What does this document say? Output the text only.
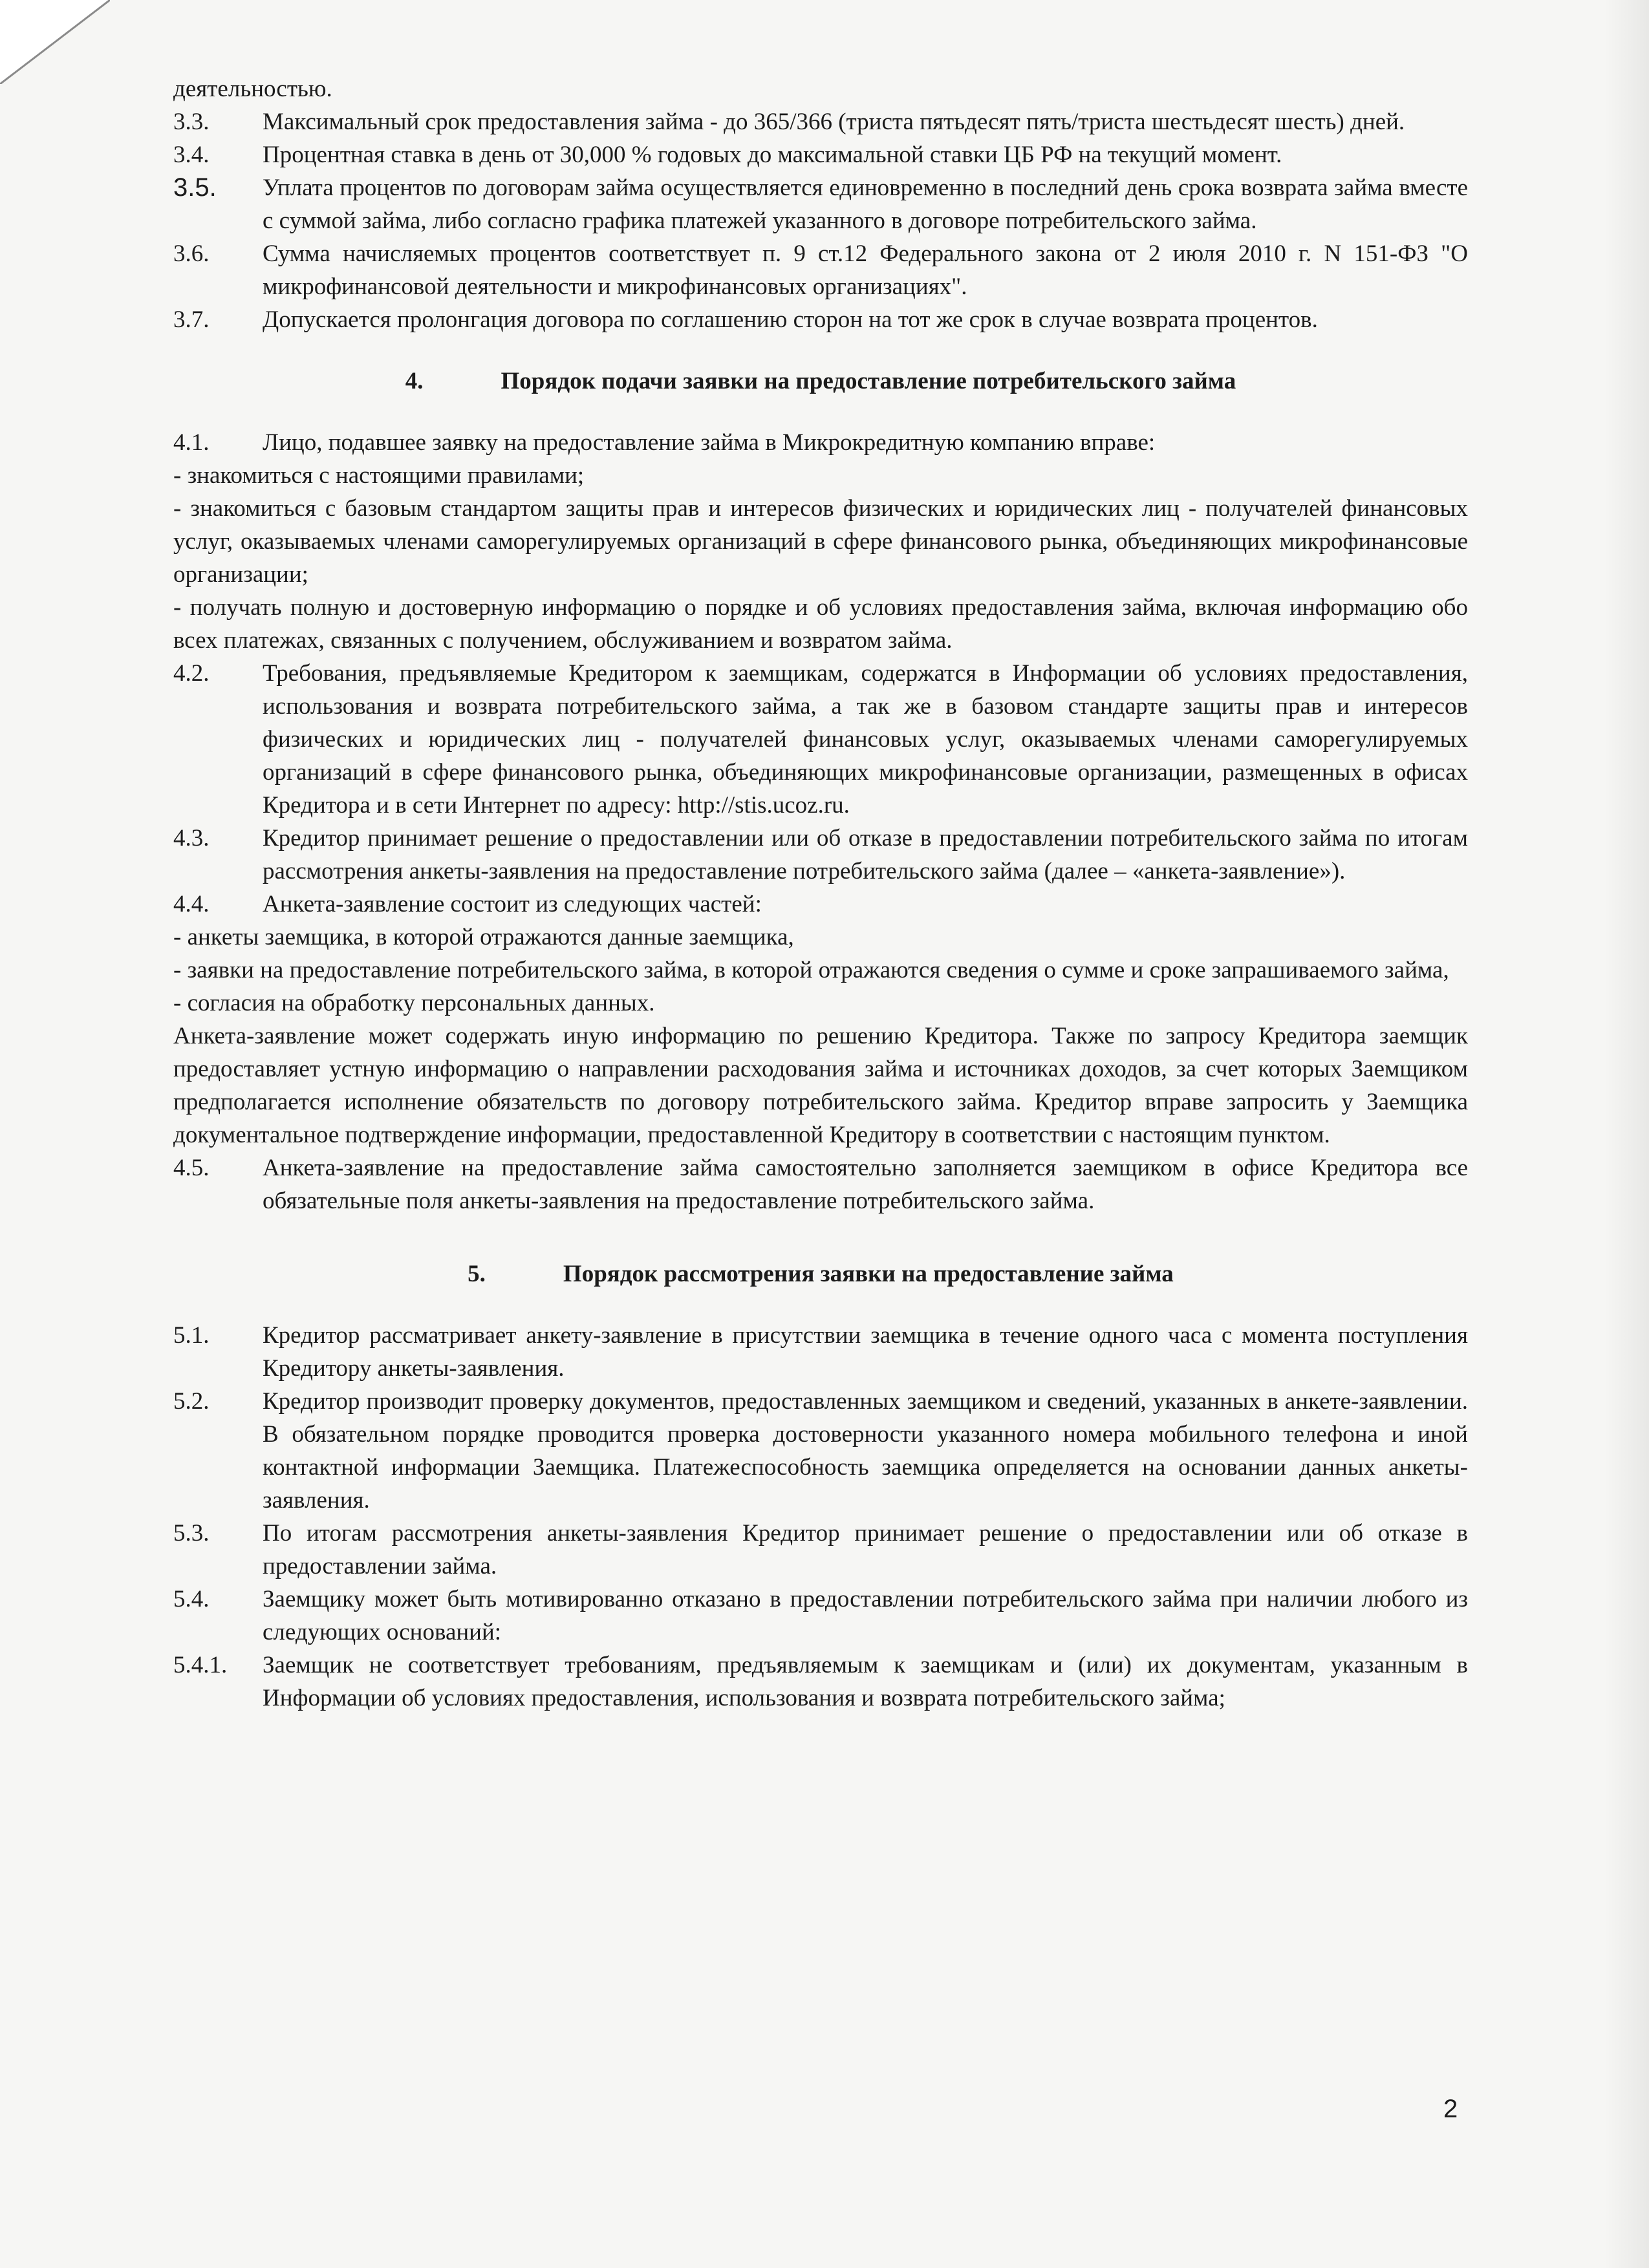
деятельностью.

3.3.	Максимальный срок предоставления займа - до 365/366 (триста пятьдесят пять/триста шестьдесят шесть) дней.
3.4.	Процентная ставка в день от 30,000 % годовых до максимальной ставки ЦБ РФ на текущий момент.
3.5.	Уплата процентов по договорам займа осуществляется единовременно в последний день срока возврата займа вместе с суммой займа, либо согласно графика платежей указанного в договоре потребительского займа.
3.6.	Сумма начисляемых процентов соответствует п. 9 ст.12 Федерального закона от 2 июля 2010 г. N 151-ФЗ "О микрофинансовой деятельности и микрофинансовых организациях".
3.7.	Допускается пролонгация договора по соглашению сторон на тот же срок в случае возврата процентов.
4.	Порядок подачи заявки на предоставление потребительского займа
4.1.	Лицо, подавшее заявку на предоставление займа в Микрокредитную компанию вправе:

- знакомиться с настоящими правилами;

- знакомиться с базовым стандартом защиты прав и интересов физических и юридических лиц - получателей финансовых услуг, оказываемых членами саморегулируемых организаций в сфере финансового рынка, объединяющих микрофинансовые организации;

- получать полную и достоверную информацию о порядке и об условиях предоставления займа, включая информацию обо всех платежах, связанных с получением, обслуживанием и возвратом займа.

4.2.	Требования, предъявляемые Кредитором к заемщикам, содержатся в Информации об условиях предоставления, использования и возврата потребительского займа, а так же в базовом стандарте защиты прав и интересов физических и юридических лиц - получателей финансовых услуг, оказываемых членами саморегулируемых организаций в сфере финансового рынка, объединяющих микрофинансовые организации, размещенных в офисах Кредитора и в сети Интернет по адресу: http://stis.ucoz.ru.
4.3.	Кредитор принимает решение о предоставлении или об отказе в предоставлении потребительского займа по итогам рассмотрения анкеты-заявления на предоставление потребительского займа (далее – «анкета-заявление»).
4.4.	Анкета-заявление состоит из следующих частей:

- анкеты заемщика, в которой отражаются данные заемщика,

- заявки на предоставление потребительского займа, в которой отражаются сведения о сумме и сроке запрашиваемого займа,

- согласия на обработку персональных данных.

Анкета-заявление может содержать иную информацию по решению Кредитора. Также по запросу Кредитора заемщик предоставляет устную информацию о направлении расходования займа и источниках доходов, за счет которых Заемщиком предполагается исполнение обязательств по договору потребительского займа. Кредитор вправе запросить у Заемщика документальное подтверждение информации, предоставленной Кредитору в соответствии с настоящим пунктом.

4.5.	Анкета-заявление на предоставление займа самостоятельно заполняется заемщиком в офисе Кредитора все обязательные поля анкеты-заявления на предоставление потребительского займа.
5.	Порядок рассмотрения заявки на предоставление займа
5.1.	Кредитор рассматривает анкету-заявление в присутствии заемщика в течение одного часа с момента поступления Кредитору анкеты-заявления.
5.2.	Кредитор производит проверку документов, предоставленных заемщиком и сведений, указанных в анкете-заявлении. В обязательном порядке проводится проверка достоверности указанного номера мобильного телефона и иной контактной информации Заемщика. Платежеспособность заемщика определяется на основании данных анкеты-заявления.
5.3.	По итогам рассмотрения анкеты-заявления Кредитор принимает решение о предоставлении или об отказе в предоставлении займа.
5.4.	Заемщику может быть мотивированно отказано в предоставлении потребительского займа при наличии любого из следующих оснований:
5.4.1.	Заемщик не соответствует требованиям, предъявляемым к заемщикам и (или) их документам, указанным в Информации об условиях предоставления, использования и возврата потребительского займа;
2
